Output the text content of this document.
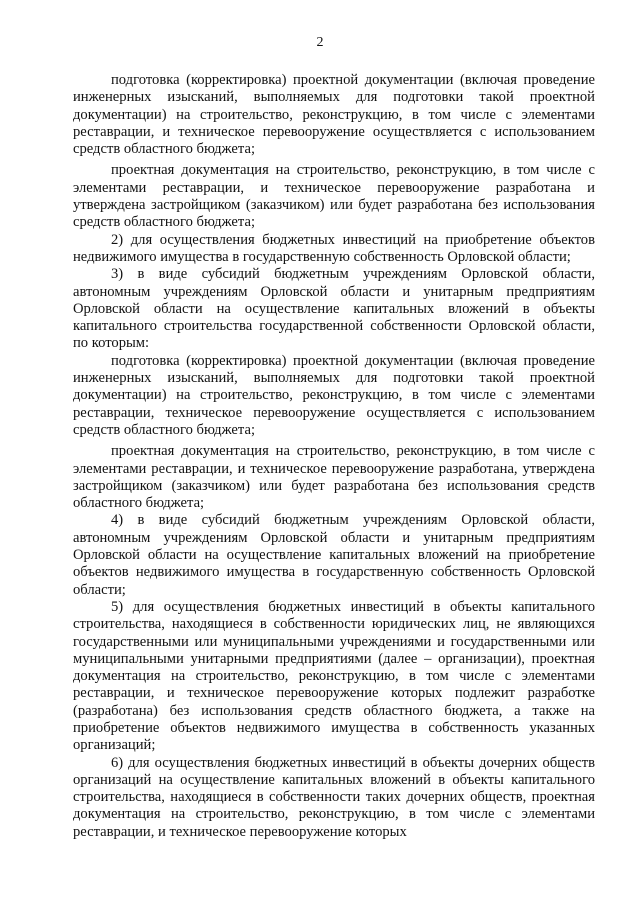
2

подготовка (корректировка) проектной документации (включая проведение инженерных изысканий, выполняемых для подготовки такой проектной документации) на строительство, реконструкцию, в том числе с элементами реставрации, и техническое перевооружение осуществляется с использованием средств областного бюджета;

проектная документация на строительство, реконструкцию, в том числе с элементами реставрации, и техническое перевооружение разработана и утверждена застройщиком (заказчиком) или будет разработана без использования средств областного бюджета;

2) для осуществления бюджетных инвестиций на приобретение объектов недвижимого имущества в государственную собственность Орловской области;

3) в виде субсидий бюджетным учреждениям Орловской области, автономным учреждениям Орловской области и унитарным предприятиям Орловской области на осуществление капитальных вложений в объекты капитального строительства государственной собственности Орловской области, по которым:

подготовка (корректировка) проектной документации (включая проведение инженерных изысканий, выполняемых для подготовки такой проектной документации) на строительство, реконструкцию, в том числе с элементами реставрации, техническое перевооружение осуществляется с использованием средств областного бюджета;

проектная документация на строительство, реконструкцию, в том числе с элементами реставрации, и техническое перевооружение разработана, утверждена застройщиком (заказчиком) или будет разработана без использования средств областного бюджета;

4) в виде субсидий бюджетным учреждениям Орловской области, автономным учреждениям Орловской области и унитарным предприятиям Орловской области на осуществление капитальных вложений на приобретение объектов недвижимого имущества в государственную собственность Орловской области;

5) для осуществления бюджетных инвестиций в объекты капитального строительства, находящиеся в собственности юридических лиц, не являющихся государственными или муниципальными учреждениями и государственными или муниципальными унитарными предприятиями (далее – организации), проектная документация на строительство, реконструкцию, в том числе с элементами реставрации, и техническое перевооружение которых подлежит разработке (разработана) без использования средств областного бюджета, а также на приобретение объектов недвижимого имущества в собственность указанных организаций;

6) для осуществления бюджетных инвестиций в объекты дочерних обществ организаций на осуществление капитальных вложений в объекты капитального строительства, находящиеся в собственности таких дочерних обществ, проектная документация на строительство, реконструкцию, в том числе с элементами реставрации, и техническое перевооружение которых
